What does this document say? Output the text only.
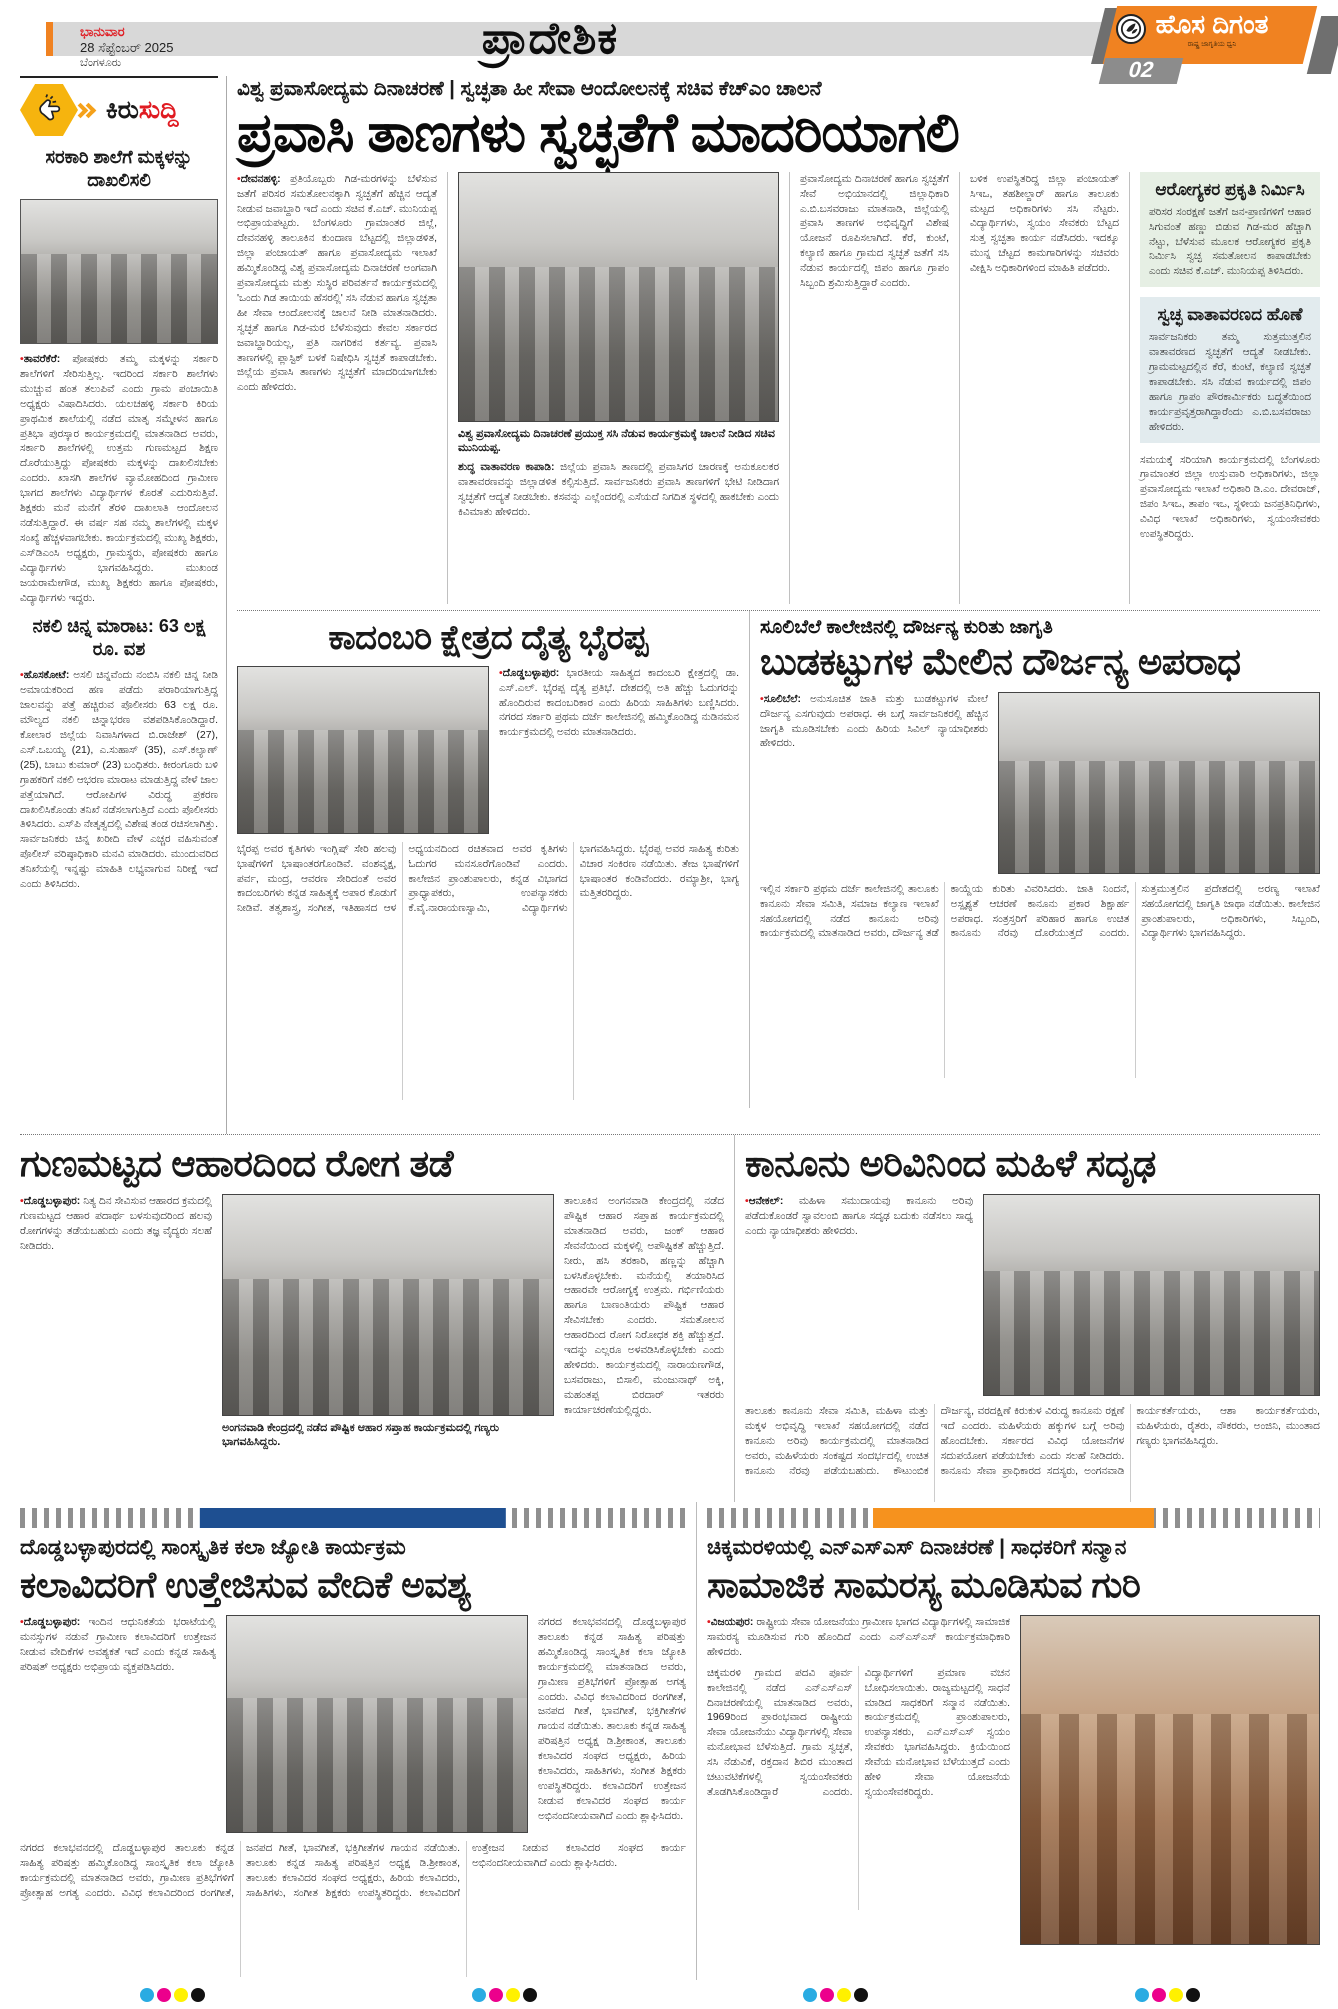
ಭಾನುವಾರ
28 ಸೆಪ್ಟೆಂಬರ್ 2025
ಬೆಂಗಳೂರು	ಪ್ರಾದೇಶಿಕ	ಹೊಸ ದಿಗಂತ
ರಾಷ್ಟ್ರ ಜಾಗೃತಿಯ ಧ್ವನಿ
02
ಕಿರುಸುದ್ದಿ
ಸರಕಾರಿ ಶಾಲೆಗೆ ಮಕ್ಕಳನ್ನು ದಾಖಲಿಸಲಿ
• ತಾವರೆಕೆರೆ: ಪೋಷಕರು ತಮ್ಮ ಮಕ್ಕಳನ್ನು ಸರ್ಕಾರಿ ಶಾಲೆಗಳಿಗೆ ಸೇರಿಸುತ್ತಿಲ್ಲ. ಇದರಿಂದ ಸರ್ಕಾರಿ ಶಾಲೆಗಳು ಮುಚ್ಚುವ ಹಂತ ತಲುಪಿವೆ ಎಂದು ಗ್ರಾಮ ಪಂಚಾಯಿತಿ ಅಧ್ಯಕ್ಷರು ವಿಷಾದಿಸಿದರು. ಯಲಚಹಳ್ಳಿ ಸರ್ಕಾರಿ ಕಿರಿಯ ಪ್ರಾಥಮಿಕ ಶಾಲೆಯಲ್ಲಿ ನಡೆದ ಮಾತೃ ಸಮ್ಮೇಳನ ಹಾಗೂ ಪ್ರತಿಭಾ ಪುರಸ್ಕಾರ ಕಾರ್ಯಕ್ರಮದಲ್ಲಿ ಮಾತನಾಡಿದ ಅವರು, ಸರ್ಕಾರಿ ಶಾಲೆಗಳಲ್ಲಿ ಉತ್ತಮ ಗುಣಮಟ್ಟದ ಶಿಕ್ಷಣ ದೊರೆಯುತ್ತಿದ್ದು ಪೋಷಕರು ಮಕ್ಕಳನ್ನು ದಾಖಲಿಸಬೇಕು ಎಂದರು. ಖಾಸಗಿ ಶಾಲೆಗಳ ವ್ಯಾಮೋಹದಿಂದ ಗ್ರಾಮೀಣ ಭಾಗದ ಶಾಲೆಗಳು ವಿದ್ಯಾರ್ಥಿಗಳ ಕೊರತೆ ಎದುರಿಸುತ್ತಿವೆ. ಶಿಕ್ಷಕರು ಮನೆ ಮನೆಗೆ ತೆರಳಿ ದಾಖಲಾತಿ ಆಂದೋಲನ ನಡೆಸುತ್ತಿದ್ದಾರೆ. ಈ ವರ್ಷ ಸಹ ನಮ್ಮ ಶಾಲೆಗಳಲ್ಲಿ ಮಕ್ಕಳ ಸಂಖ್ಯೆ ಹೆಚ್ಚಳವಾಗಬೇಕು. ಕಾರ್ಯಕ್ರಮದಲ್ಲಿ ಮುಖ್ಯ ಶಿಕ್ಷಕರು, ಎಸ್‌ಡಿಎಂಸಿ ಅಧ್ಯಕ್ಷರು, ಗ್ರಾಮಸ್ಥರು, ಪೋಷಕರು ಹಾಗೂ ವಿದ್ಯಾರ್ಥಿಗಳು ಭಾಗವಹಿಸಿದ್ದರು. ಮುಖಂಡ ಜಯರಾಮೇಗೌಡ, ಮುಖ್ಯ ಶಿಕ್ಷಕರು ಹಾಗೂ ಪೋಷಕರು, ವಿದ್ಯಾರ್ಥಿಗಳು ಇದ್ದರು.
ನಕಲಿ ಚಿನ್ನ ಮಾರಾಟ: 63 ಲಕ್ಷ ರೂ. ವಶ
• ಹೊಸಕೋಟೆ: ಅಸಲಿ ಚಿನ್ನವೆಂದು ನಂಬಿಸಿ ನಕಲಿ ಚಿನ್ನ ನೀಡಿ ಅಮಾಯಕರಿಂದ ಹಣ ಪಡೆದು ಪರಾರಿಯಾಗುತ್ತಿದ್ದ ಜಾಲವನ್ನು ಪತ್ತೆ ಹಚ್ಚಿರುವ ಪೊಲೀಸರು 63 ಲಕ್ಷ ರೂ. ಮೌಲ್ಯದ ನಕಲಿ ಚಿನ್ನಾಭರಣ ವಶಪಡಿಸಿಕೊಂಡಿದ್ದಾರೆ. ಕೋಲಾರ ಜಿಲ್ಲೆಯ ನಿವಾಸಿಗಳಾದ ಬಿ.ರಾಜೇಶ್ (27), ಎಸ್.ಒಬಯ್ಯ (21), ಎ.ಸುಹಾಸ್ (35), ಎಸ್.ಕಲ್ಯಾಣ್ (25), ಬಾಬು ಕುಮಾರ್ (23) ಬಂಧಿತರು. ಕೀರಂಗೂರು ಬಳಿ ಗ್ರಾಹಕರಿಗೆ ನಕಲಿ ಆಭರಣ ಮಾರಾಟ ಮಾಡುತ್ತಿದ್ದ ವೇಳೆ ಜಾಲ ಪತ್ತೆಯಾಗಿದೆ. ಆರೋಪಿಗಳ ವಿರುದ್ಧ ಪ್ರಕರಣ ದಾಖಲಿಸಿಕೊಂಡು ತನಿಖೆ ನಡೆಸಲಾಗುತ್ತಿದೆ ಎಂದು ಪೊಲೀಸರು ತಿಳಿಸಿದರು. ಎಸ್‌ಪಿ ನೇತೃತ್ವದಲ್ಲಿ ವಿಶೇಷ ತಂಡ ರಚಿಸಲಾಗಿತ್ತು. ಸಾರ್ವಜನಿಕರು ಚಿನ್ನ ಖರೀದಿ ವೇಳೆ ಎಚ್ಚರ ವಹಿಸುವಂತೆ ಪೊಲೀಸ್ ವರಿಷ್ಠಾಧಿಕಾರಿ ಮನವಿ ಮಾಡಿದರು. ಮುಂದುವರಿದ ತನಿಖೆಯಲ್ಲಿ ಇನ್ನಷ್ಟು ಮಾಹಿತಿ ಲಭ್ಯವಾಗುವ ನಿರೀಕ್ಷೆ ಇದೆ ಎಂದು ತಿಳಿಸಿದರು.
ವಿಶ್ವ ಪ್ರವಾಸೋದ್ಯಮ ದಿನಾಚರಣೆ | ಸ್ವಚ್ಛತಾ ಹೀ ಸೇವಾ ಆಂದೋಲನಕ್ಕೆ ಸಚಿವ ಕೆಚ್‌ಎಂ ಚಾಲನೆ
ಪ್ರವಾಸಿ ತಾಣಗಳು ಸ್ವಚ್ಛತೆಗೆ ಮಾದರಿಯಾಗಲಿ
• ದೇವನಹಳ್ಳಿ: ಪ್ರತಿಯೊಬ್ಬರು ಗಿಡ-ಮರಗಳನ್ನು ಬೆಳೆಸುವ ಜತೆಗೆ ಪರಿಸರ ಸಮತೋಲನಕ್ಕಾಗಿ ಸ್ವಚ್ಛತೆಗೆ ಹೆಚ್ಚಿನ ಆದ್ಯತೆ ನೀಡುವ ಜವಾಬ್ದಾರಿ ಇದೆ ಎಂದು ಸಚಿವ ಕೆ.ಎಚ್. ಮುನಿಯಪ್ಪ ಅಭಿಪ್ರಾಯಪಟ್ಟರು. ಬೆಂಗಳೂರು ಗ್ರಾಮಾಂತರ ಜಿಲ್ಲೆ, ದೇವನಹಳ್ಳಿ ತಾಲೂಕಿನ ಕುಂದಾಣ ಬೆಟ್ಟದಲ್ಲಿ ಜಿಲ್ಲಾಡಳಿತ, ಜಿಲ್ಲಾ ಪಂಚಾಯತ್ ಹಾಗೂ ಪ್ರವಾಸೋದ್ಯಮ ಇಲಾಖೆ ಹಮ್ಮಿಕೊಂಡಿದ್ದ ವಿಶ್ವ ಪ್ರವಾಸೋದ್ಯಮ ದಿನಾಚರಣೆ ಅಂಗವಾಗಿ ಪ್ರವಾಸೋದ್ಯಮ ಮತ್ತು ಸುಸ್ಥಿರ ಪರಿವರ್ತನೆ ಕಾರ್ಯಕ್ರಮದಲ್ಲಿ 'ಒಂದು ಗಿಡ ತಾಯಿಯ ಹೆಸರಲ್ಲಿ' ಸಸಿ ನೆಡುವ ಹಾಗೂ ಸ್ವಚ್ಛತಾ ಹೀ ಸೇವಾ ಆಂದೋಲನಕ್ಕೆ ಚಾಲನೆ ನೀಡಿ ಮಾತನಾಡಿದರು. ಸ್ವಚ್ಛತೆ ಹಾಗೂ ಗಿಡ-ಮರ ಬೆಳೆಸುವುದು ಕೇವಲ ಸರ್ಕಾರದ ಜವಾಬ್ದಾರಿಯಲ್ಲ, ಪ್ರತಿ ನಾಗರಿಕನ ಕರ್ತವ್ಯ. ಪ್ರವಾಸಿ ತಾಣಗಳಲ್ಲಿ ಪ್ಲಾಸ್ಟಿಕ್ ಬಳಕೆ ನಿಷೇಧಿಸಿ ಸ್ವಚ್ಛತೆ ಕಾಪಾಡಬೇಕು. ಜಿಲ್ಲೆಯ ಪ್ರವಾಸಿ ತಾಣಗಳು ಸ್ವಚ್ಛತೆಗೆ ಮಾದರಿಯಾಗಬೇಕು ಎಂದು ಹೇಳಿದರು.
ವಿಶ್ವ ಪ್ರವಾಸೋದ್ಯಮ ದಿನಾಚರಣೆ ಪ್ರಯುಕ್ತ ಸಸಿ ನೆಡುವ ಕಾರ್ಯಕ್ರಮಕ್ಕೆ ಚಾಲನೆ ನೀಡಿದ ಸಚಿವ ಮುನಿಯಪ್ಪ.
ಶುದ್ಧ ವಾತಾವರಣ ಕಾಪಾಡಿ: ಜಿಲ್ಲೆಯ ಪ್ರವಾಸಿ ತಾಣದಲ್ಲಿ ಪ್ರವಾಸಿಗರ ಚಾರಣಕ್ಕೆ ಅನುಕೂಲಕರ ವಾತಾವರಣವನ್ನು ಜಿಲ್ಲಾಡಳಿತ ಕಲ್ಪಿಸುತ್ತಿದೆ. ಸಾರ್ವಜನಿಕರು ಪ್ರವಾಸಿ ತಾಣಗಳಿಗೆ ಭೇಟಿ ನೀಡಿದಾಗ ಸ್ವಚ್ಛತೆಗೆ ಆದ್ಯತೆ ನೀಡಬೇಕು. ಕಸವನ್ನು ಎಲ್ಲೆಂದರಲ್ಲಿ ಎಸೆಯದೆ ನಿಗದಿತ ಸ್ಥಳದಲ್ಲಿ ಹಾಕಬೇಕು ಎಂದು ಕಿವಿಮಾತು ಹೇಳಿದರು.
ಪ್ರವಾಸೋದ್ಯಮ ದಿನಾಚರಣೆ ಹಾಗೂ ಸ್ವಚ್ಛತೆಗೆ ಸೇವೆ ಅಭಿಯಾನದಲ್ಲಿ ಜಿಲ್ಲಾಧಿಕಾರಿ ಎ.ಬಿ.ಬಸವರಾಜು ಮಾತನಾಡಿ, ಜಿಲ್ಲೆಯಲ್ಲಿ ಪ್ರವಾಸಿ ತಾಣಗಳ ಅಭಿವೃದ್ಧಿಗೆ ವಿಶೇಷ ಯೋಜನೆ ರೂಪಿಸಲಾಗಿದೆ. ಕೆರೆ, ಕುಂಟೆ, ಕಲ್ಯಾಣಿ ಹಾಗೂ ಗ್ರಾಮದ ಸ್ವಚ್ಛತೆ ಜತೆಗೆ ಸಸಿ ನೆಡುವ ಕಾರ್ಯದಲ್ಲಿ ಜಿಪಂ ಹಾಗೂ ಗ್ರಾಪಂ ಸಿಬ್ಬಂದಿ ಶ್ರಮಿಸುತ್ತಿದ್ದಾರೆ ಎಂದರು.
ಬಳಿಕ ಉಪಸ್ಥಿತರಿದ್ದ ಜಿಲ್ಲಾ ಪಂಚಾಯತ್ ಸಿಇಒ, ತಹಶೀಲ್ದಾರ್ ಹಾಗೂ ತಾಲೂಕು ಮಟ್ಟದ ಅಧಿಕಾರಿಗಳು ಸಸಿ ನೆಟ್ಟರು. ವಿದ್ಯಾರ್ಥಿಗಳು, ಸ್ವಯಂ ಸೇವಕರು ಬೆಟ್ಟದ ಸುತ್ತ ಸ್ವಚ್ಛತಾ ಕಾರ್ಯ ನಡೆಸಿದರು. ಇದಕ್ಕೂ ಮುನ್ನ ಚೆಟ್ಟದ ಕಾಮಗಾರಿಗಳನ್ನು ಸಚಿವರು ವೀಕ್ಷಿಸಿ ಅಧಿಕಾರಿಗಳಿಂದ ಮಾಹಿತಿ ಪಡೆದರು.
ಆರೋಗ್ಯಕರ ಪ್ರಕೃತಿ ನಿರ್ಮಿಸಿ
ಪರಿಸರ ಸಂರಕ್ಷಣೆ ಜತೆಗೆ ಜನ-ಪ್ರಾಣಿಗಳಿಗೆ ಆಹಾರ ಸಿಗುವಂತೆ ಹಣ್ಣು ಬಿಡುವ ಗಿಡ-ಮರ ಹೆಚ್ಚಾಗಿ ನೆಟ್ಟು, ಬೆಳೆಸುವ ಮೂಲಕ ಆರೋಗ್ಯಕರ ಪ್ರಕೃತಿ ನಿರ್ಮಿಸಿ ಸ್ವಚ್ಛ ಸಮತೋಲನ ಕಾಪಾಡಬೇಕು ಎಂದು ಸಚಿವ ಕೆ.ಎಚ್. ಮುನಿಯಪ್ಪ ತಿಳಿಸಿದರು.
ಸ್ವಚ್ಛ ವಾತಾವರಣದ ಹೊಣೆ
ಸಾರ್ವಜನಿಕರು ತಮ್ಮ ಸುತ್ತಮುತ್ತಲಿನ ವಾತಾವರಣದ ಸ್ವಚ್ಛತೆಗೆ ಆದ್ಯತೆ ನೀಡಬೇಕು. ಗ್ರಾಮಮಟ್ಟದಲ್ಲಿನ ಕೆರೆ, ಕುಂಟೆ, ಕಲ್ಯಾಣಿ ಸ್ವಚ್ಛತೆ ಕಾಪಾಡಬೇಕು. ಸಸಿ ನೆಡುವ ಕಾರ್ಯದಲ್ಲಿ ಜಿಪಂ ಹಾಗೂ ಗ್ರಾಪಂ ಪೌರಕಾರ್ಮಿಕರು ಬದ್ಧತೆಯಿಂದ ಕಾರ್ಯಪ್ರವೃತ್ತರಾಗಿದ್ದಾರೆಂದು ಎ.ಬಿ.ಬಸವರಾಜು ಹೇಳಿದರು.
ಸಮಯಕ್ಕೆ ಸರಿಯಾಗಿ ಕಾರ್ಯಕ್ರಮದಲ್ಲಿ ಬೆಂಗಳೂರು ಗ್ರಾಮಾಂತರ ಜಿಲ್ಲಾ ಉಸ್ತುವಾರಿ ಅಧಿಕಾರಿಗಳು, ಜಿಲ್ಲಾ ಪ್ರವಾಸೋದ್ಯಮ ಇಲಾಖೆ ಅಧಿಕಾರಿ ಡಿ.ಎಂ. ದೇವರಾಜ್, ಜಿಪಂ ಸಿಇಒ, ತಾಪಂ ಇಒ, ಸ್ಥಳೀಯ ಜನಪ್ರತಿನಿಧಿಗಳು, ವಿವಿಧ ಇಲಾಖೆ ಅಧಿಕಾರಿಗಳು, ಸ್ವಯಂಸೇವಕರು ಉಪಸ್ಥಿತರಿದ್ದರು.
ಕಾದಂಬರಿ ಕ್ಷೇತ್ರದ ದೈತ್ಯ ಭೈರಪ್ಪ
• ದೊಡ್ಡಬಳ್ಳಾಪುರ: ಭಾರತೀಯ ಸಾಹಿತ್ಯದ ಕಾದಂಬರಿ ಕ್ಷೇತ್ರದಲ್ಲಿ ಡಾ. ಎಸ್.ಎಲ್. ಭೈರಪ್ಪ ದೈತ್ಯ ಪ್ರತಿಭೆ. ದೇಶದಲ್ಲಿ ಅತಿ ಹೆಚ್ಚು ಓದುಗರನ್ನು ಹೊಂದಿರುವ ಕಾದಂಬರಿಕಾರ ಎಂದು ಹಿರಿಯ ಸಾಹಿತಿಗಳು ಬಣ್ಣಿಸಿದರು. ನಗರದ ಸರ್ಕಾರಿ ಪ್ರಥಮ ದರ್ಜೆ ಕಾಲೇಜಿನಲ್ಲಿ ಹಮ್ಮಿಕೊಂಡಿದ್ದ ನುಡಿನಮನ ಕಾರ್ಯಕ್ರಮದಲ್ಲಿ ಅವರು ಮಾತನಾಡಿದರು.
ಭೈರಪ್ಪ ಅವರ ಕೃತಿಗಳು ಇಂಗ್ಲಿಷ್ ಸೇರಿ ಹಲವು ಭಾಷೆಗಳಿಗೆ ಭಾಷಾಂತರಗೊಂಡಿವೆ. ವಂಶವೃಕ್ಷ, ಪರ್ವ, ಮಂದ್ರ, ಆವರಣ ಸೇರಿದಂತೆ ಅವರ ಕಾದಂಬರಿಗಳು ಕನ್ನಡ ಸಾಹಿತ್ಯಕ್ಕೆ ಅಪಾರ ಕೊಡುಗೆ ನೀಡಿವೆ. ತತ್ವಶಾಸ್ತ್ರ, ಸಂಗೀತ, ಇತಿಹಾಸದ ಆಳ ಅಧ್ಯಯನದಿಂದ ರಚಿತವಾದ ಅವರ ಕೃತಿಗಳು ಓದುಗರ ಮನಸೂರೆಗೊಂಡಿವೆ ಎಂದರು. ಕಾಲೇಜಿನ ಪ್ರಾಂಶುಪಾಲರು, ಕನ್ನಡ ವಿಭಾಗದ ಪ್ರಾಧ್ಯಾಪಕರು, ಉಪನ್ಯಾಸಕರು ಕೆ.ವೈ.ನಾರಾಯಣಸ್ವಾಮಿ, ವಿದ್ಯಾರ್ಥಿಗಳು ಭಾಗವಹಿಸಿದ್ದರು. ಭೈರಪ್ಪ ಅವರ ಸಾಹಿತ್ಯ ಕುರಿತು ವಿಚಾರ ಸಂಕಿರಣ ನಡೆಯಿತು. ತೇಜ ಭಾಷೆಗಳಿಗೆ ಭಾಷಾಂತರ ಕಂಡಿವೆಂದರು. ರಮ್ಯಾಶ್ರೀ, ಭಾಗ್ಯ ಮತ್ತಿತರರಿದ್ದರು.
ಸೂಲಿಬೆಲೆ ಕಾಲೇಜಿನಲ್ಲಿ ದೌರ್ಜನ್ಯ ಕುರಿತು ಜಾಗೃತಿ
ಬುಡಕಟ್ಟುಗಳ ಮೇಲಿನ ದೌರ್ಜನ್ಯ ಅಪರಾಧ
• ಸೂಲಿಬೆಲೆ: ಅನುಸೂಚಿತ ಜಾತಿ ಮತ್ತು ಬುಡಕಟ್ಟುಗಳ ಮೇಲೆ ದೌರ್ಜನ್ಯ ಎಸಗುವುದು ಅಪರಾಧ. ಈ ಬಗ್ಗೆ ಸಾರ್ವಜನಿಕರಲ್ಲಿ ಹೆಚ್ಚಿನ ಜಾಗೃತಿ ಮೂಡಿಸಬೇಕು ಎಂದು ಹಿರಿಯ ಸಿವಿಲ್ ನ್ಯಾಯಾಧೀಶರು ಹೇಳಿದರು.
ಇಲ್ಲಿನ ಸರ್ಕಾರಿ ಪ್ರಥಮ ದರ್ಜೆ ಕಾಲೇಜಿನಲ್ಲಿ ತಾಲೂಕು ಕಾನೂನು ಸೇವಾ ಸಮಿತಿ, ಸಮಾಜ ಕಲ್ಯಾಣ ಇಲಾಖೆ ಸಹಯೋಗದಲ್ಲಿ ನಡೆದ ಕಾನೂನು ಅರಿವು ಕಾರ್ಯಕ್ರಮದಲ್ಲಿ ಮಾತನಾಡಿದ ಅವರು, ದೌರ್ಜನ್ಯ ತಡೆ ಕಾಯ್ದೆಯ ಕುರಿತು ವಿವರಿಸಿದರು. ಜಾತಿ ನಿಂದನೆ, ಅಸ್ಪೃಶ್ಯತೆ ಆಚರಣೆ ಕಾನೂನು ಪ್ರಕಾರ ಶಿಕ್ಷಾರ್ಹ ಅಪರಾಧ. ಸಂತ್ರಸ್ತರಿಗೆ ಪರಿಹಾರ ಹಾಗೂ ಉಚಿತ ಕಾನೂನು ನೆರವು ದೊರೆಯುತ್ತದೆ ಎಂದರು. ಸುತ್ತಮುತ್ತಲಿನ ಪ್ರದೇಶದಲ್ಲಿ ಅರಣ್ಯ ಇಲಾಖೆ ಸಹಯೋಗದಲ್ಲಿ ಜಾಗೃತಿ ಜಾಥಾ ನಡೆಯಿತು. ಕಾಲೇಜಿನ ಪ್ರಾಂಶುಪಾಲರು, ಅಧಿಕಾರಿಗಳು, ಸಿಬ್ಬಂದಿ, ವಿದ್ಯಾರ್ಥಿಗಳು ಭಾಗವಹಿಸಿದ್ದರು.
ಗುಣಮಟ್ಟದ ಆಹಾರದಿಂದ ರೋಗ ತಡೆ
• ದೊಡ್ಡಬಳ್ಳಾಪುರ: ನಿತ್ಯ ದಿನ ಸೇವಿಸುವ ಆಹಾರದ ಕ್ರಮದಲ್ಲಿ ಗುಣಮಟ್ಟದ ಆಹಾರ ಪದಾರ್ಥ ಬಳಸುವುದರಿಂದ ಹಲವು ರೋಗಗಳನ್ನು ತಡೆಯಬಹುದು ಎಂದು ತಜ್ಞ ವೈದ್ಯರು ಸಲಹೆ ನೀಡಿದರು.
ಅಂಗನವಾಡಿ ಕೇಂದ್ರದಲ್ಲಿ ನಡೆದ ಪೌಷ್ಟಿಕ ಆಹಾರ ಸಪ್ತಾಹ ಕಾರ್ಯಕ್ರಮದಲ್ಲಿ ಗಣ್ಯರು ಭಾಗವಹಿಸಿದ್ದರು.
ತಾಲೂಕಿನ ಅಂಗನವಾಡಿ ಕೇಂದ್ರದಲ್ಲಿ ನಡೆದ ಪೌಷ್ಟಿಕ ಆಹಾರ ಸಪ್ತಾಹ ಕಾರ್ಯಕ್ರಮದಲ್ಲಿ ಮಾತನಾಡಿದ ಅವರು, ಜಂಕ್ ಆಹಾರ ಸೇವನೆಯಿಂದ ಮಕ್ಕಳಲ್ಲಿ ಅಪೌಷ್ಟಿಕತೆ ಹೆಚ್ಚುತ್ತಿದೆ. ನೀರು, ಹಸಿ ತರಕಾರಿ, ಹಣ್ಣನ್ನು ಹೆಚ್ಚಾಗಿ ಬಳಸಿಕೊಳ್ಳಬೇಕು. ಮನೆಯಲ್ಲಿ ತಯಾರಿಸಿದ ಆಹಾರವೇ ಆರೋಗ್ಯಕ್ಕೆ ಉತ್ತಮ. ಗರ್ಭಿಣಿಯರು ಹಾಗೂ ಬಾಣಂತಿಯರು ಪೌಷ್ಟಿಕ ಆಹಾರ ಸೇವಿಸಬೇಕು ಎಂದರು. ಸಮತೋಲನ ಆಹಾರದಿಂದ ರೋಗ ನಿರೋಧಕ ಶಕ್ತಿ ಹೆಚ್ಚುತ್ತದೆ. ಇದನ್ನು ಎಲ್ಲರೂ ಅಳವಡಿಸಿಕೊಳ್ಳಬೇಕು ಎಂದು ಹೇಳಿದರು. ಕಾರ್ಯಕ್ರಮದಲ್ಲಿ ನಾರಾಯಣಗೌಡ, ಬಸವರಾಜು, ಬಿಸಾಲಿ, ಮಂಜುನಾಥ್ ಅಕ್ಕಿ, ಮಹಂತಪ್ಪ ಬಿರದಾರ್ ಇತರರು ಕಾರ್ಯಾಚರಣೆಯಲ್ಲಿದ್ದರು.
ಕಾನೂನು ಅರಿವಿನಿಂದ ಮಹಿಳೆ ಸದೃಢ
• ಆನೇಕಲ್: ಮಹಿಳಾ ಸಮುದಾಯವು ಕಾನೂನು ಅರಿವು ಪಡೆದುಕೊಂಡರೆ ಸ್ವಾವಲಂಬಿ ಹಾಗೂ ಸದೃಢ ಬದುಕು ನಡೆಸಲು ಸಾಧ್ಯ ಎಂದು ನ್ಯಾಯಾಧೀಶರು ಹೇಳಿದರು.
ತಾಲೂಕು ಕಾನೂನು ಸೇವಾ ಸಮಿತಿ, ಮಹಿಳಾ ಮತ್ತು ಮಕ್ಕಳ ಅಭಿವೃದ್ಧಿ ಇಲಾಖೆ ಸಹಯೋಗದಲ್ಲಿ ನಡೆದ ಕಾನೂನು ಅರಿವು ಕಾರ್ಯಕ್ರಮದಲ್ಲಿ ಮಾತನಾಡಿದ ಅವರು, ಮಹಿಳೆಯರು ಸಂಕಷ್ಟದ ಸಂದರ್ಭದಲ್ಲಿ ಉಚಿತ ಕಾನೂನು ನೆರವು ಪಡೆಯಬಹುದು. ಕೌಟುಂಬಿಕ ದೌರ್ಜನ್ಯ, ವರದಕ್ಷಿಣೆ ಕಿರುಕುಳ ವಿರುದ್ಧ ಕಾನೂನು ರಕ್ಷಣೆ ಇದೆ ಎಂದರು. ಮಹಿಳೆಯರು ಹಕ್ಕುಗಳ ಬಗ್ಗೆ ಅರಿವು ಹೊಂದಬೇಕು. ಸರ್ಕಾರದ ವಿವಿಧ ಯೋಜನೆಗಳ ಸದುಪಯೋಗ ಪಡೆಯಬೇಕು ಎಂದು ಸಲಹೆ ನೀಡಿದರು. ಕಾನೂನು ಸೇವಾ ಪ್ರಾಧಿಕಾರದ ಸದಸ್ಯರು, ಅಂಗನವಾಡಿ ಕಾರ್ಯಕರ್ತೆಯರು, ಆಶಾ ಕಾರ್ಯಕರ್ತೆಯರು, ಮಹಿಳೆಯರು, ರೈತರು, ನೌಕರರು, ಅಂಜಿನಿ, ಮುಂತಾದ ಗಣ್ಯರು ಭಾಗವಹಿಸಿದ್ದರು.
ದೊಡ್ಡಬಳ್ಳಾಪುರದಲ್ಲಿ ಸಾಂಸ್ಕೃತಿಕ ಕಲಾ ಜ್ಯೋತಿ ಕಾರ್ಯಕ್ರಮ
ಕಲಾವಿದರಿಗೆ ಉತ್ತೇಜಿಸುವ ವೇದಿಕೆ ಅವಶ್ಯ
• ದೊಡ್ಡಬಳ್ಳಾಪುರ: ಇಂದಿನ ಆಧುನಿಕತೆಯ ಭರಾಟೆಯಲ್ಲಿ ಮನಸ್ಸುಗಳ ನಡುವೆ ಗ್ರಾಮೀಣ ಕಲಾವಿದರಿಗೆ ಉತ್ತೇಜನ ನೀಡುವ ವೇದಿಕೆಗಳ ಅವಶ್ಯಕತೆ ಇದೆ ಎಂದು ಕನ್ನಡ ಸಾಹಿತ್ಯ ಪರಿಷತ್ ಅಧ್ಯಕ್ಷರು ಅಭಿಪ್ರಾಯ ವ್ಯಕ್ತಪಡಿಸಿದರು.
ನಗರದ ಕಲಾಭವನದಲ್ಲಿ ದೊಡ್ಡಬಳ್ಳಾಪುರ ತಾಲೂಕು ಕನ್ನಡ ಸಾಹಿತ್ಯ ಪರಿಷತ್ತು ಹಮ್ಮಿಕೊಂಡಿದ್ದ ಸಾಂಸ್ಕೃತಿಕ ಕಲಾ ಜ್ಯೋತಿ ಕಾರ್ಯಕ್ರಮದಲ್ಲಿ ಮಾತನಾಡಿದ ಅವರು, ಗ್ರಾಮೀಣ ಪ್ರತಿಭೆಗಳಿಗೆ ಪ್ರೋತ್ಸಾಹ ಅಗತ್ಯ ಎಂದರು. ವಿವಿಧ ಕಲಾವಿದರಿಂದ ರಂಗಗೀತೆ, ಜನಪದ ಗೀತೆ, ಭಾವಗೀತೆ, ಭಕ್ತಿಗೀತೆಗಳ ಗಾಯನ ನಡೆಯಿತು. ತಾಲೂಕು ಕನ್ನಡ ಸಾಹಿತ್ಯ ಪರಿಷತ್ತಿನ ಅಧ್ಯಕ್ಷ ಡಿ.ಶ್ರೀಕಾಂತ, ತಾಲೂಕು ಕಲಾವಿದರ ಸಂಘದ ಅಧ್ಯಕ್ಷರು, ಹಿರಿಯ ಕಲಾವಿದರು, ಸಾಹಿತಿಗಳು, ಸಂಗೀತ ಶಿಕ್ಷಕರು ಉಪಸ್ಥಿತರಿದ್ದರು. ಕಲಾವಿದರಿಗೆ ಉತ್ತೇಜನ ನೀಡುವ ಕಲಾವಿದರ ಸಂಘದ ಕಾರ್ಯ ಅಭಿನಂದನೀಯವಾಗಿದೆ ಎಂದು ಶ್ಲಾಘಿಸಿದರು.
ನಗರದ ಕಲಾಭವನದಲ್ಲಿ ದೊಡ್ಡಬಳ್ಳಾಪುರ ತಾಲೂಕು ಕನ್ನಡ ಸಾಹಿತ್ಯ ಪರಿಷತ್ತು ಹಮ್ಮಿಕೊಂಡಿದ್ದ ಸಾಂಸ್ಕೃತಿಕ ಕಲಾ ಜ್ಯೋತಿ ಕಾರ್ಯಕ್ರಮದಲ್ಲಿ ಮಾತನಾಡಿದ ಅವರು, ಗ್ರಾಮೀಣ ಪ್ರತಿಭೆಗಳಿಗೆ ಪ್ರೋತ್ಸಾಹ ಅಗತ್ಯ ಎಂದರು. ವಿವಿಧ ಕಲಾವಿದರಿಂದ ರಂಗಗೀತೆ, ಜನಪದ ಗೀತೆ, ಭಾವಗೀತೆ, ಭಕ್ತಿಗೀತೆಗಳ ಗಾಯನ ನಡೆಯಿತು. ತಾಲೂಕು ಕನ್ನಡ ಸಾಹಿತ್ಯ ಪರಿಷತ್ತಿನ ಅಧ್ಯಕ್ಷ ಡಿ.ಶ್ರೀಕಾಂತ, ತಾಲೂಕು ಕಲಾವಿದರ ಸಂಘದ ಅಧ್ಯಕ್ಷರು, ಹಿರಿಯ ಕಲಾವಿದರು, ಸಾಹಿತಿಗಳು, ಸಂಗೀತ ಶಿಕ್ಷಕರು ಉಪಸ್ಥಿತರಿದ್ದರು. ಕಲಾವಿದರಿಗೆ ಉತ್ತೇಜನ ನೀಡುವ ಕಲಾವಿದರ ಸಂಘದ ಕಾರ್ಯ ಅಭಿನಂದನೀಯವಾಗಿದೆ ಎಂದು ಶ್ಲಾಘಿಸಿದರು.
ಚಿಕ್ಕಮರಳಿಯಲ್ಲಿ ಎನ್‌ಎಸ್‌ಎಸ್ ದಿನಾಚರಣೆ | ಸಾಧಕರಿಗೆ ಸನ್ಮಾನ
ಸಾಮಾಜಿಕ ಸಾಮರಸ್ಯ ಮೂಡಿಸುವ ಗುರಿ
• ವಿಜಯಪುರ: ರಾಷ್ಟ್ರೀಯ ಸೇವಾ ಯೋಜನೆಯು ಗ್ರಾಮೀಣ ಭಾಗದ ವಿದ್ಯಾರ್ಥಿಗಳಲ್ಲಿ ಸಾಮಾಜಿಕ ಸಾಮರಸ್ಯ ಮೂಡಿಸುವ ಗುರಿ ಹೊಂದಿದೆ ಎಂದು ಎನ್‌ಎಸ್‌ಎಸ್ ಕಾರ್ಯಕ್ರಮಾಧಿಕಾರಿ ಹೇಳಿದರು.
ಚಿಕ್ಕಮರಳಿ ಗ್ರಾಮದ ಪದವಿ ಪೂರ್ವ ಕಾಲೇಜಿನಲ್ಲಿ ನಡೆದ ಎನ್‌ಎಸ್‌ಎಸ್ ದಿನಾಚರಣೆಯಲ್ಲಿ ಮಾತನಾಡಿದ ಅವರು, 1969ರಿಂದ ಪ್ರಾರಂಭವಾದ ರಾಷ್ಟ್ರೀಯ ಸೇವಾ ಯೋಜನೆಯು ವಿದ್ಯಾರ್ಥಿಗಳಲ್ಲಿ ಸೇವಾ ಮನೋಭಾವ ಬೆಳೆಸುತ್ತಿದೆ. ಗ್ರಾಮ ಸ್ವಚ್ಛತೆ, ಸಸಿ ನೆಡುವಿಕೆ, ರಕ್ತದಾನ ಶಿಬಿರ ಮುಂತಾದ ಚಟುವಟಿಕೆಗಳಲ್ಲಿ ಸ್ವಯಂಸೇವಕರು ತೊಡಗಿಸಿಕೊಂಡಿದ್ದಾರೆ ಎಂದರು. ವಿದ್ಯಾರ್ಥಿಗಳಿಗೆ ಪ್ರಮಾಣ ವಚನ ಬೋಧಿಸಲಾಯಿತು. ರಾಜ್ಯಮಟ್ಟದಲ್ಲಿ ಸಾಧನೆ ಮಾಡಿದ ಸಾಧಕರಿಗೆ ಸನ್ಮಾನ ನಡೆಯಿತು. ಕಾರ್ಯಕ್ರಮದಲ್ಲಿ ಪ್ರಾಂಶುಪಾಲರು, ಉಪನ್ಯಾಸಕರು, ಎನ್‌ಎಸ್‌ಎಸ್ ಸ್ವಯಂ ಸೇವಕರು ಭಾಗವಹಿಸಿದ್ದರು. ಕ್ರಿಯೆಯಿಂದ ಸೇವೆಯ ಮನೋಭಾವ ಬೆಳೆಯುತ್ತದೆ ಎಂದು ಹೇಳಿ ಸೇವಾ ಯೋಜನೆಯ ಸ್ವಯಂಸೇವಕರಿದ್ದರು.
